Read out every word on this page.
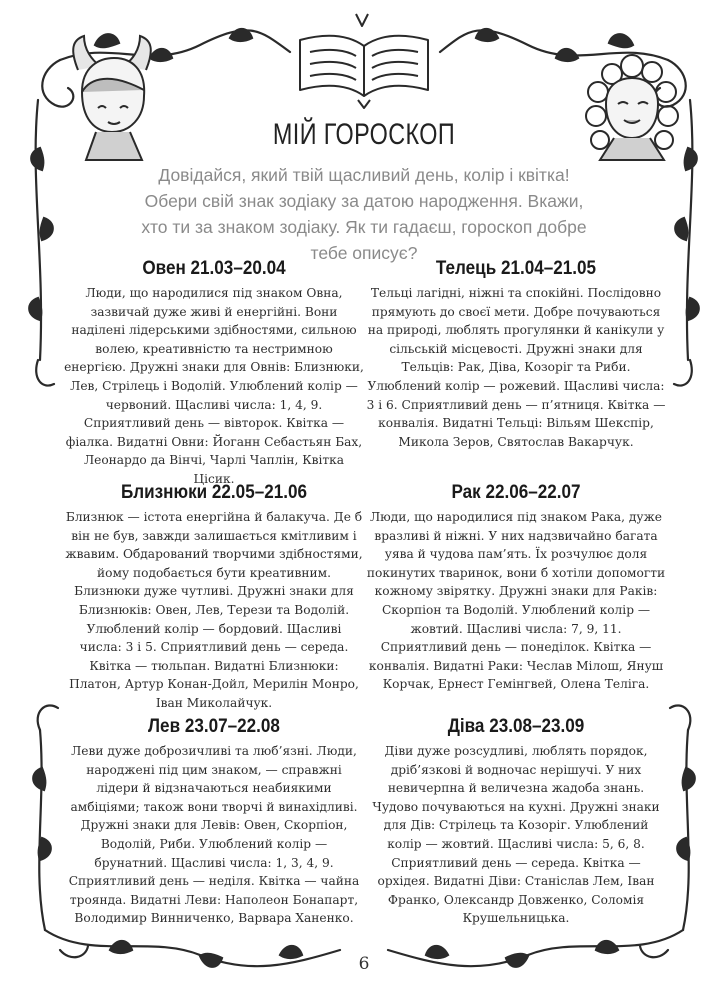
МІЙ ГОРОСКОП
Довідайся, який твій щасливий день, колір і квітка! Обери свій знак зодіаку за датою народження. Вкажи, хто ти за знаком зодіаку. Як ти гадаєш, гороскоп добре тебе описує?
Овен 21.03–20.04

Люди, що народилися під знаком Овна, зазвичай дуже живі й енергійні. Вони наділені лідерськими здібностями, сильною волею, креативністю та нестримною енергією. Дружні знаки для Овнів: Близнюки, Лев, Стрілець і Водолій. Улюблений колір — червоний. Щасливі числа: 1, 4, 9. Сприятливий день — вівторок. Квітка — фіалка. Видатні Овни: Йоганн Себастьян Бах, Леонардо да Вінчі, Чарлі Чаплін, Квітка Цісик.

Телець 21.04–21.05

Тельці лагідні, ніжні та спокійні. Послідовно прямують до своєї мети. Добре почуваються на природі, люблять прогулянки й канікули у сільській місцевості. Дружні знаки для Тельців: Рак, Діва, Козоріг та Риби. Улюблений колір — рожевий. Щасливі числа: 3 і 6. Сприятливий день — п’ятниця. Квітка — конвалія. Видатні Тельці: Вільям Шекспір, Микола Зеров, Святослав Вакарчук.

Близнюки 22.05–21.06

Близнюк — істота енергійна й балакуча. Де б він не був, завжди залишається кмітливим і жвавим. Обдарований творчими здібностями, йому подобається бути креативним. Близнюки дуже чутливі. Дружні знаки для Близнюків: Овен, Лев, Терези та Водолій. Улюблений колір — бордовий. Щасливі числа: 3 і 5. Сприятливий день — середа. Квітка — тюльпан. Видатні Близнюки: Платон, Артур Конан-Дойл, Мерилін Монро, Іван Миколайчук.

Рак 22.06–22.07

Люди, що народилися під знаком Рака, дуже вразливі й ніжні. У них надзвичайно багата уява й чудова пам’ять. Їх розчулює доля покинутих тваринок, вони б хотіли допомогти кожному звірятку. Дружні знаки для Раків: Скорпіон та Водолій. Улюблений колір — жовтий. Щасливі числа: 7, 9, 11. Сприятливий день — понеділок. Квітка — конвалія. Видатні Раки: Чеслав Мілош, Януш Корчак, Ернест Гемінгвей, Олена Теліга.

Лев 23.07–22.08

Леви дуже доброзичливі та люб’язні. Люди, народжені під цим знаком, — справжні лідери й відзначаються неабиякими амбіціями; також вони творчі й винахідливі. Дружні знаки для Левів: Овен, Скорпіон, Водолій, Риби. Улюблений колір — брунатний. Щасливі числа: 1, 3, 4, 9. Сприятливий день — неділя. Квітка — чайна троянда. Видатні Леви: Наполеон Бонапарт, Володимир Винниченко, Варвара Ханенко.

Діва 23.08–23.09

Діви дуже розсудливі, люблять порядок, дріб’язкові й водночас нерішучі. У них невичерпна й величезна жадоба знань. Чудово почуваються на кухні. Дружні знаки для Дів: Стрілець та Козоріг. Улюблений колір — жовтий. Щасливі числа: 5, 6, 8. Сприятливий день — середа. Квітка — орхідея. Видатні Діви: Станіслав Лем, Іван Франко, Олександр Довженко, Соломія Крушельницька.

6
